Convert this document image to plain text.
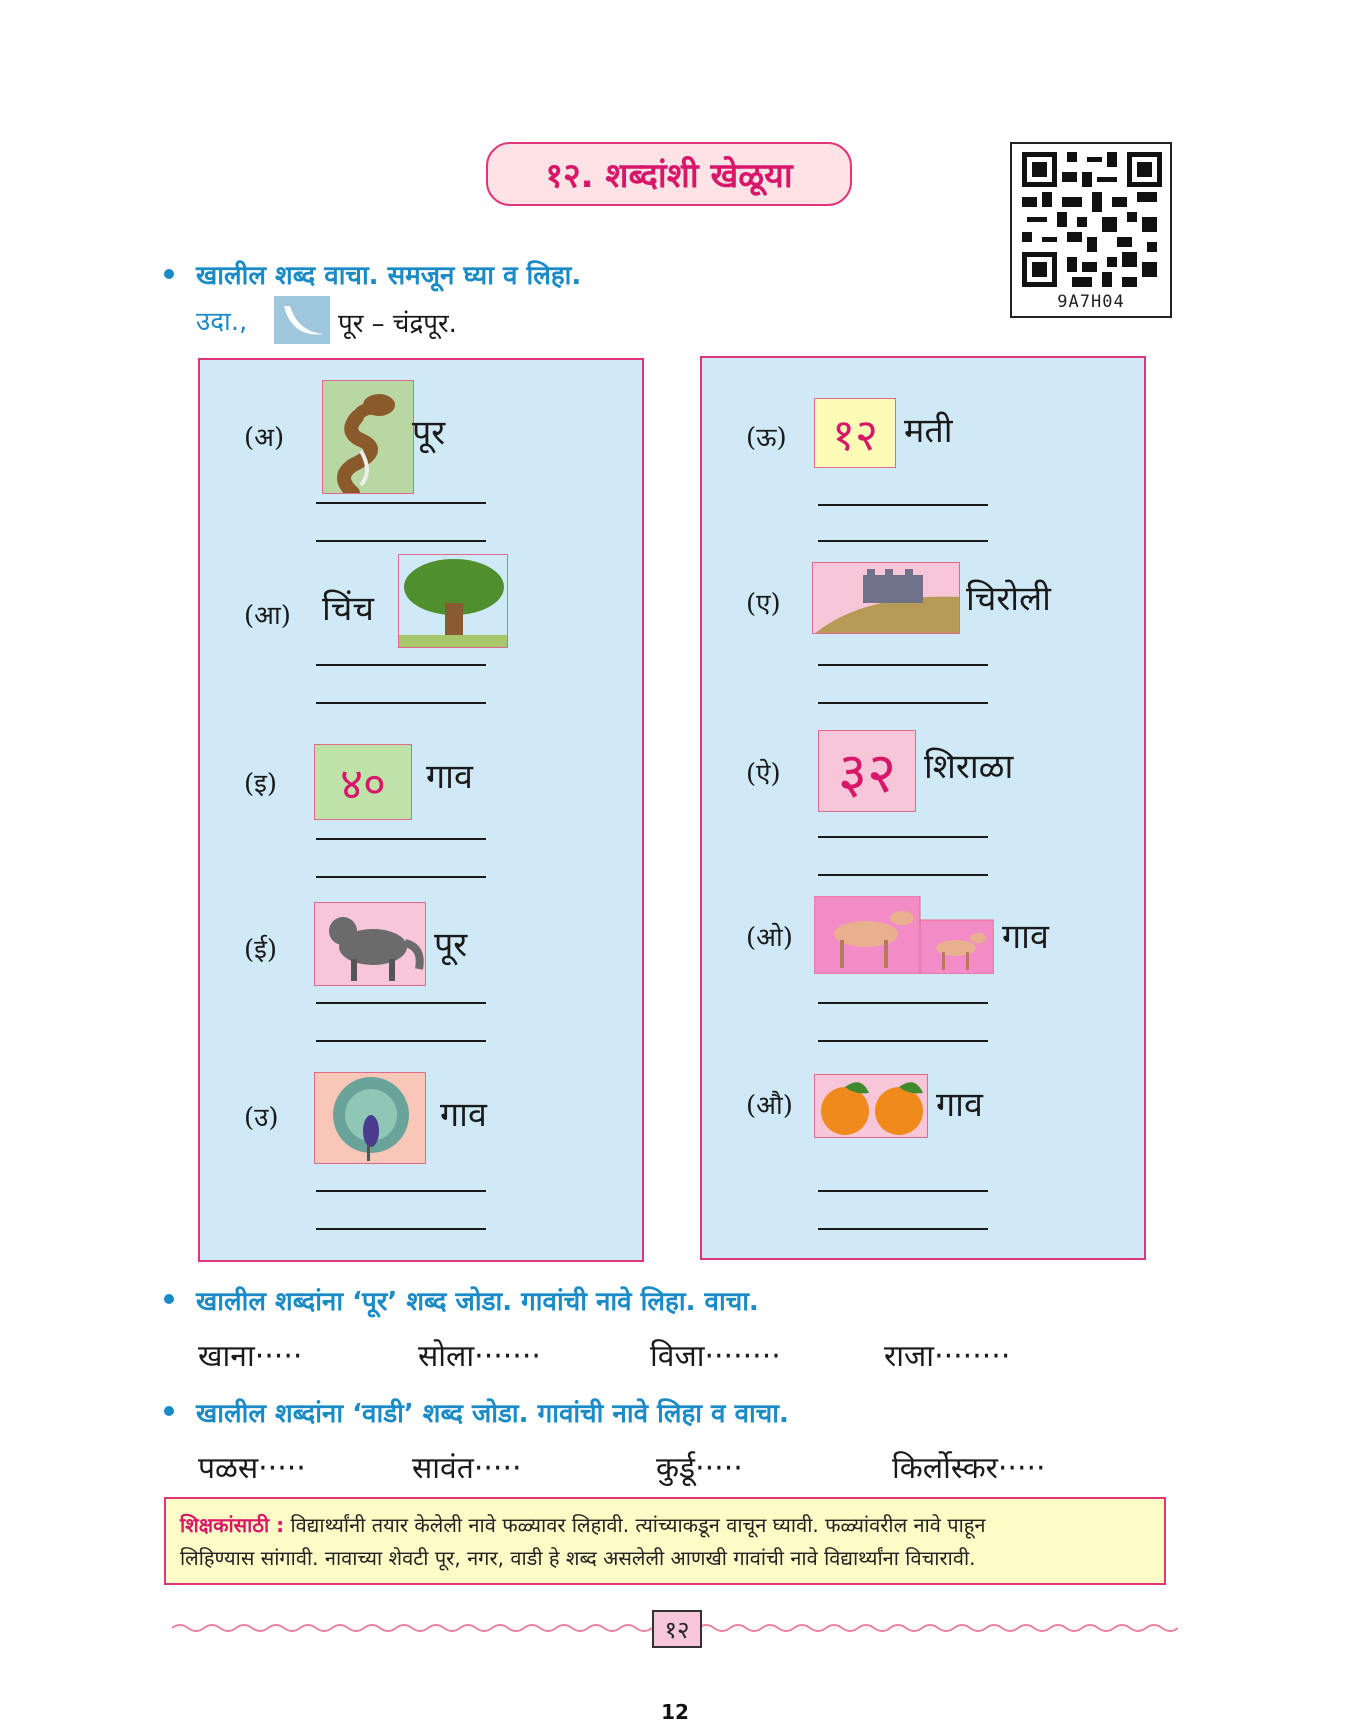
१२. शब्दांशी खेळूया
9A7H04
खालील शब्द वाचा. समजून घ्या व लिहा.
उदा.,	पूर – चंद्रपूर.
(अ)	पूर
(आ) चिंच
(इ)	४०	गाव
(ई)	पूर
(उ)	गाव
(ऊ)	१२ मती
(ए)	चिरोली
(ऐ)	३२ शिराळा
(ओ)	गाव
(औ)	गाव
खालील शब्दांना ‘पूर’ शब्द जोडा. गावांची नावे लिहा. वाचा.
खाना·····	सोला·······	विजा········	राजा········
खालील शब्दांना ‘वाडी’ शब्द जोडा. गावांची नावे लिहा व वाचा.
पळस·····	सावंत·····	कुर्डू·····	किर्लोस्कर·····
शिक्षकांसाठी : विद्यार्थ्यांनी तयार केलेली नावे फळ्यावर लिहावी. त्यांच्याकडून वाचून घ्यावी. फळ्यांवरील नावे पाहून
लिहिण्यास सांगावी. नावाच्या शेवटी पूर, नगर, वाडी हे शब्द असलेली आणखी गावांची नावे विद्यार्थ्यांना विचारावी.
१२
12
